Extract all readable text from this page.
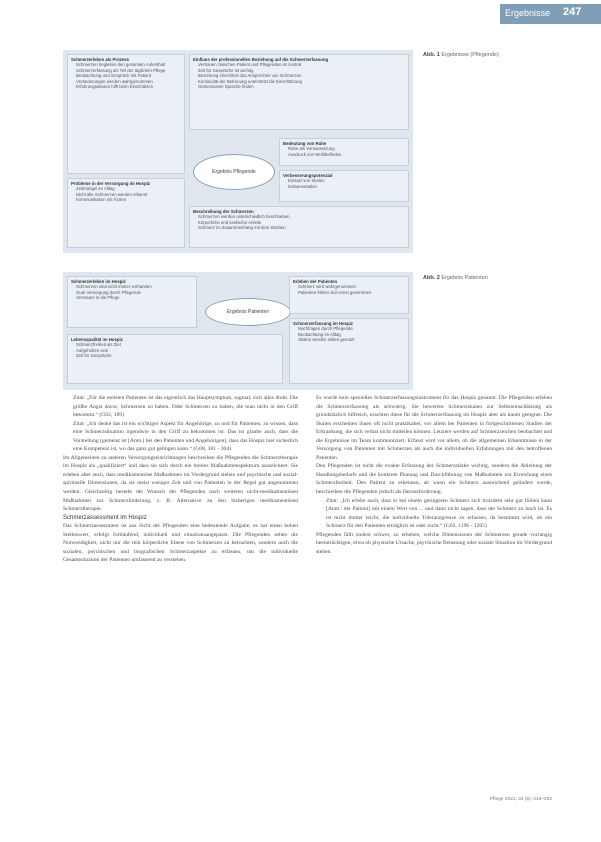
Ergebnisse 247
Schmerzerleben als Prozess
• Schmerzen begleiten den gesamten Aufenthalt
• Schmerzerfassung als Teil der täglichen Pflege
• Beobachtung und Gespräch mit Patient
• Veränderungen werden wahrgenommen
• Erfahrungswissen hilft beim Einschätzen
Einfluss der professionellen Beziehung auf die Schmerzerfassung
• Vertrauen zwischen Patient und Pflegenden ist zentral
• Zeit für Gespräche ist wichtig
• Beziehung erleichtert das Ansprechen von Schmerzen
• Kontinuität der Betreuung unterstützt die Einschätzung
• Gemeinsame Sprache finden
Ergebnis Pflegende
Bedeutung von Ruhe
• Ruhe als Voraussetzung
• Ausdruck von Wohlbefinden
Verbesserungspotenzial
• Einsatz von Skalen
• Dokumentation
Probleme in der Versorgung im Hospiz
• Zeitmangel im Alltag
• Nicht alle Schmerzen werden erkannt
• Kommunikation mit Ärzten
Beschreibung der Schmerzen
• Schmerzen werden unterschiedlich beschrieben
• Körperliche und seelische Anteile
• Schmerz im Zusammenhang mit dem Sterben
Abb. 1 Ergebnisse (Pflegende)
Schmerzerleben im Hospiz
• Schmerzen sind nicht immer vorhanden
• Gute Versorgung durch Pflegende
• Vertrauen in die Pflege
Ergebnis Patienten
Erleben der Patienten
• Schmerz wird wahrgenommen
• Patienten fühlen sich ernst genommen
Schmerzerfassung im Hospiz
• Nachfragen durch Pflegende
• Beobachtung im Alltag
• Skalen werden selten genutzt
Lebensqualität im Hospiz
• Schmerzfreiheit als Ziel
• Aufgehoben sein
• Zeit für Gespräche
Abb. 2 Ergebnis Patienten

Zitat: „Für die meisten Patienten ist das eigentlich das Hauptsymptom, sagmal, sich alles dreht. Die größte Angst davor, Schmerzen zu haben. Oder Schmerzen zu haben, die man nicht in den Griff bekommt.“ (G02, 189)

Zitat: „Ich denke das ist ein wichtiger Aspekt für Angehörige, zu und für Patienten, zu wissen, dass eine Schmerzsituation irgendwie in den Griff zu bekommen ist. Das ist glaube auch, dass die Vorstellung (gemeint ist [Anm.] bei den Patienten und Angehörigen), dass das Hospiz hier sicherlich eine Kompetenz ist, wo das ganz gut gelingen kann.“ (G08, 301 - 304)

Im Allgemeinen zu anderen Versorgungseinrichtungen beschreiben die Pflegenden die Schmerztherapie im Hospiz als „qualifiziert“ und dass sie sich durch ein breites Maßnahmenspektrum auszeichnet. Sie erleben aber auch, dass medikamentöse Maßnahmen im Vordergrund stehen und psychische und sozial-spirituelle Dimensionen, da sie meist weniger Zeit und von Patienten in der Regel gut angenommen werden. Gleichzeitig besteht der Wunsch der Pflegenden nach weiteren nicht-medikamentösen Maßnahmen zur Schmerzlinderung, z. B. Alternative zu den bisherigen medikamentösen Schmerztherapie.

Schmerzassessment im Hospiz

Das Schmerzassessment ist aus Sicht der Pflegenden eine bedeutende Aufgabe, es hat einen hohen Stellenwert, erfolgt fortlaufend, individuell und situationsangepasst. Die Pflegenden sehen die Notwendigkeit, nicht nur die rein körperliche Ebene von Schmerzen zu betrachten, sondern auch die sozialen, psychischen und biografischen Schmerzaspekte zu erfassen, um die individuelle Gesamtsituation der Patienten umfassend zu verstehen.

Es wurde kein spezielles Schmerzerfassungsinstrument für das Hospiz genannt. Die Pflegenden erleben die Schmerzerfassung als schwierig. Sie bewerten Schmerzskalen zur Selbsteinschätzung als grundsätzlich hilfreich, erachten diese für die Schmerzerfassung im Hospiz aber als kaum geeignet. Die Skalen erscheinen ihnen oft nicht praktikabel, vor allem bei Patienten in fortgeschrittenen Stadien der Erkrankung, die sich verbal nicht mitteilen können. Letztere werden auf Schmerzzeichen beobachtet und die Ergebnisse im Team kommuniziert. Erfasst wird vor allem, ob die allgemeinen Erkenntnisse in der Versorgung von Patienten mit Schmerzen als auch die individuellen Erfahrungen mit den betroffenen Patienten.

Den Pflegenden ist nicht die exakte Erfassung der Schmerzstärke wichtig, sondern die Ableitung der Handlungsbedarfs und die konkrete Planung und Durchführung von Maßnahmen zur Erreichung eines Schmerzfreiheit. Den Patient zu erkennen, ab wann ein Schmerz ausreichend gelindert wurde, beschreiben die Pflegenden jedoch als Herausforderung.

Zitat: „Ich erlebe auch, dass er bei einem geringeren Schmerz sich trotzdem sehr gut fühlen kann [Anm.: der Patient] mit einem Wert von ... und dann nicht sagen, dass der Schmerz zu hoch ist. Es ist nicht immer leicht, die individuelle Toleranzgrenze zu erfassen, da bestimmt wird, ob ein Schmerz für den Patienten erträglich ist oder nicht.“ (G02, 1196 - 1205)

Pflegenden fällt zudem schwer, zu erheben, welche Dimensionen der Schmerzen gerade vorrangig beeinträchtigen, etwa ob physische Ursache, psychische Belastung oder soziale Situation im Vordergrund stehen.

Pflege 2021; 34 (5): 243–252
